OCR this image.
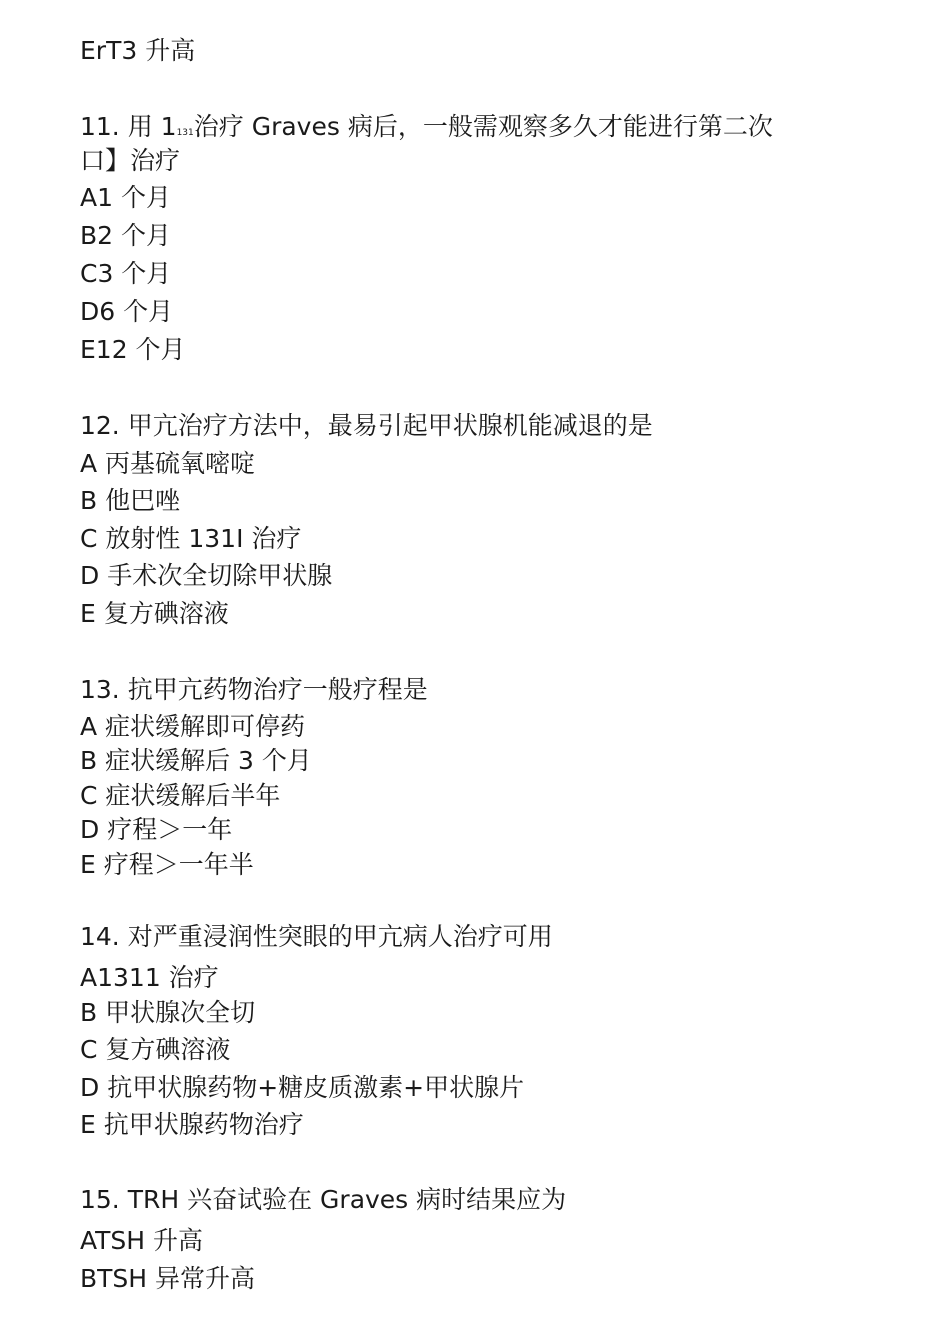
ErT3 升高
11. 用 1131治疗 Graves 病后，一般需观察多久才能进行第二次
口】治疗
A1 个月
B2 个月
C3 个月
D6 个月
E12 个月
12. 甲亢治疗方法中，最易引起甲状腺机能减退的是
A 丙基硫氧嘧啶
B 他巴唑
C 放射性 131I 治疗
D 手术次全切除甲状腺
E 复方碘溶液
13. 抗甲亢药物治疗一般疗程是
A 症状缓解即可停药
B 症状缓解后 3 个月
C 症状缓解后半年
D 疗程＞一年
E 疗程＞一年半
14. 对严重浸润性突眼的甲亢病人治疗可用
A1311 治疗
B 甲状腺次全切
C 复方碘溶液
D 抗甲状腺药物+糖皮质激素+甲状腺片
E 抗甲状腺药物治疗
15. TRH 兴奋试验在 Graves 病时结果应为
ATSH 升高
BTSH 异常升高
